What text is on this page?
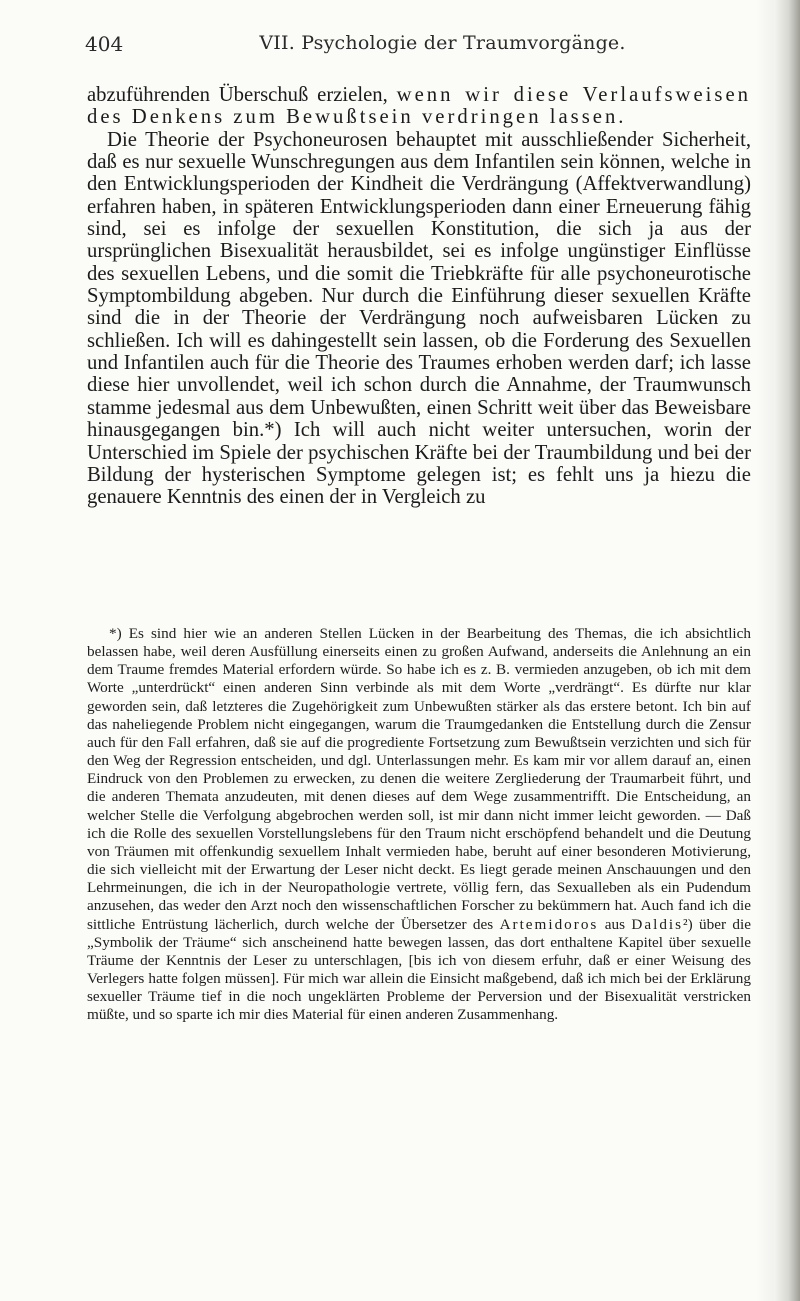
404	VII. Psychologie der Traumvorgänge.

abzuführenden Überschuß erzielen, wenn wir diese Verlaufsweisen des Denkens zum Bewußtsein verdringen lassen.

Die Theorie der Psychoneurosen behauptet mit ausschließender Sicherheit, daß es nur sexuelle Wunschregungen aus dem Infantilen sein können, welche in den Entwicklungsperioden der Kindheit die Verdrängung (Affektverwandlung) erfahren haben, in späteren Entwicklungsperioden dann einer Erneuerung fähig sind, sei es infolge der sexuellen Konstitution, die sich ja aus der ursprünglichen Bisexualität herausbildet, sei es infolge ungünstiger Einflüsse des sexuellen Lebens, und die somit die Triebkräfte für alle psychoneurotische Symptombildung abgeben. Nur durch die Einführung dieser sexuellen Kräfte sind die in der Theorie der Verdrängung noch aufweisbaren Lücken zu schließen. Ich will es dahingestellt sein lassen, ob die Forderung des Sexuellen und Infantilen auch für die Theorie des Traumes erhoben werden darf; ich lasse diese hier unvollendet, weil ich schon durch die Annahme, der Traumwunsch stamme jedesmal aus dem Unbewußten, einen Schritt weit über das Beweisbare hinausgegangen bin.*) Ich will auch nicht weiter untersuchen, worin der Unterschied im Spiele der psychischen Kräfte bei der Traumbildung und bei der Bildung der hysterischen Symptome gelegen ist; es fehlt uns ja hiezu die genauere Kenntnis des einen der in Vergleich zu

*) Es sind hier wie an anderen Stellen Lücken in der Bearbeitung des Themas, die ich absichtlich belassen habe, weil deren Ausfüllung einerseits einen zu großen Aufwand, anderseits die Anlehnung an ein dem Traume fremdes Material erfordern würde. So habe ich es z. B. vermieden anzugeben, ob ich mit dem Worte „unterdrückt“ einen anderen Sinn verbinde als mit dem Worte „verdrängt“. Es dürfte nur klar geworden sein, daß letzteres die Zugehörigkeit zum Unbewußten stärker als das erstere betont. Ich bin auf das naheliegende Problem nicht eingegangen, warum die Traumgedanken die Entstellung durch die Zensur auch für den Fall erfahren, daß sie auf die progrediente Fortsetzung zum Bewußtsein verzichten und sich für den Weg der Regression entscheiden, und dgl. Unterlassungen mehr. Es kam mir vor allem darauf an, einen Eindruck von den Problemen zu erwecken, zu denen die weitere Zergliederung der Traumarbeit führt, und die anderen Themata anzudeuten, mit denen dieses auf dem Wege zusammentrifft. Die Entscheidung, an welcher Stelle die Verfolgung abgebrochen werden soll, ist mir dann nicht immer leicht geworden. — Daß ich die Rolle des sexuellen Vorstellungslebens für den Traum nicht erschöpfend behandelt und die Deutung von Träumen mit offenkundig sexuellem Inhalt vermieden habe, beruht auf einer besonderen Motivierung, die sich vielleicht mit der Erwartung der Leser nicht deckt. Es liegt gerade meinen Anschauungen und den Lehrmeinungen, die ich in der Neuropathologie vertrete, völlig fern, das Sexualleben als ein Pudendum anzusehen, das weder den Arzt noch den wissenschaftlichen Forscher zu bekümmern hat. Auch fand ich die sittliche Entrüstung lächerlich, durch welche der Übersetzer des Artemidoros aus Daldis²) über die „Symbolik der Träume“ sich anscheinend hatte bewegen lassen, das dort enthaltene Kapitel über sexuelle Träume der Kenntnis der Leser zu unterschlagen, [bis ich von diesem erfuhr, daß er einer Weisung des Verlegers hatte folgen müssen]. Für mich war allein die Einsicht maßgebend, daß ich mich bei der Erklärung sexueller Träume tief in die noch ungeklärten Probleme der Perversion und der Bisexualität verstricken müßte, und so sparte ich mir dies Material für einen anderen Zusammenhang.
